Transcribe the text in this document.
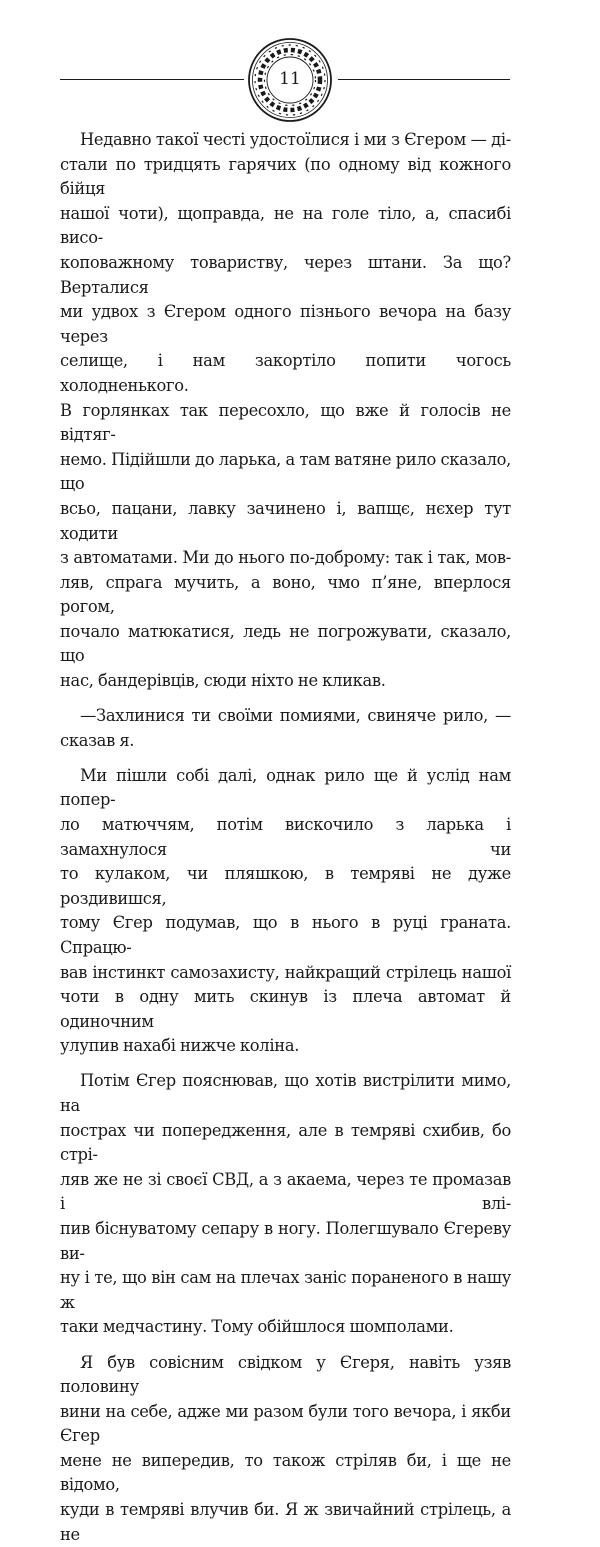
11

Недавно такої честі удостоїлися і ми з Єгером — ді-
стали по тридцять гарячих (по одному від кожного бійця
нашої чоти), щоправда, не на голе тіло, а, спасибі висо-
коповажному товариству, через штани. За що? Верталися
ми удвох з Єгером одного пізнього вечора на базу через
селище, і нам закортіло попити чогось холодненького.
В горлянках так пересохло, що вже й голосів не відтяг-
немо. Підійшли до ларька, а там ватяне рило сказало, що
всьо, пацани, лавку зачинено і, вапщє, нєхер тут ходити
з автоматами. Ми до нього по-доброму: так і так, мов-
ляв, спрага мучить, а воно, чмо п’яне, вперлося рогом,
почало матюкатися, ледь не погрожувати, сказало, що
нас, бандерівців, сюди ніхто не кликав.

—Захлинися ти своїми помиями, свиняче рило, —
сказав я.

Ми пішли собі далі, однак рило ще й услід нам попер-
ло матюччям, потім вискочило з ларька і замахнулося чи
то кулаком, чи пляшкою, в темряві не дуже роздивишся,
тому Єгер подумав, що в нього в руці граната. Спрацю-
вав інстинкт самозахисту, найкращий стрілець нашої
чоти в одну мить скинув із плеча автомат й одиночним
улупив нахабі нижче коліна.

Потім Єгер пояснював, що хотів вистрілити мимо, на
пострах чи попередження, але в темряві схибив, бо стрі-
ляв же не зі своєї СВД, а з акаема, через те промазав і влі-
пив біснуватому сепару в ногу. Полегшувало Єгереву ви-
ну і те, що він сам на плечах заніс пораненого в нашу ж
таки медчастину. Тому обійшлося шомполами.

Я був совісним свідком у Єгеря, навіть узяв половину
вини на себе, адже ми разом були того вечора, і якби Єгер
мене не випередив, то також стріляв би, і ще не відомо,
куди в темряві влучив би. Я ж звичайний стрілець, а не
